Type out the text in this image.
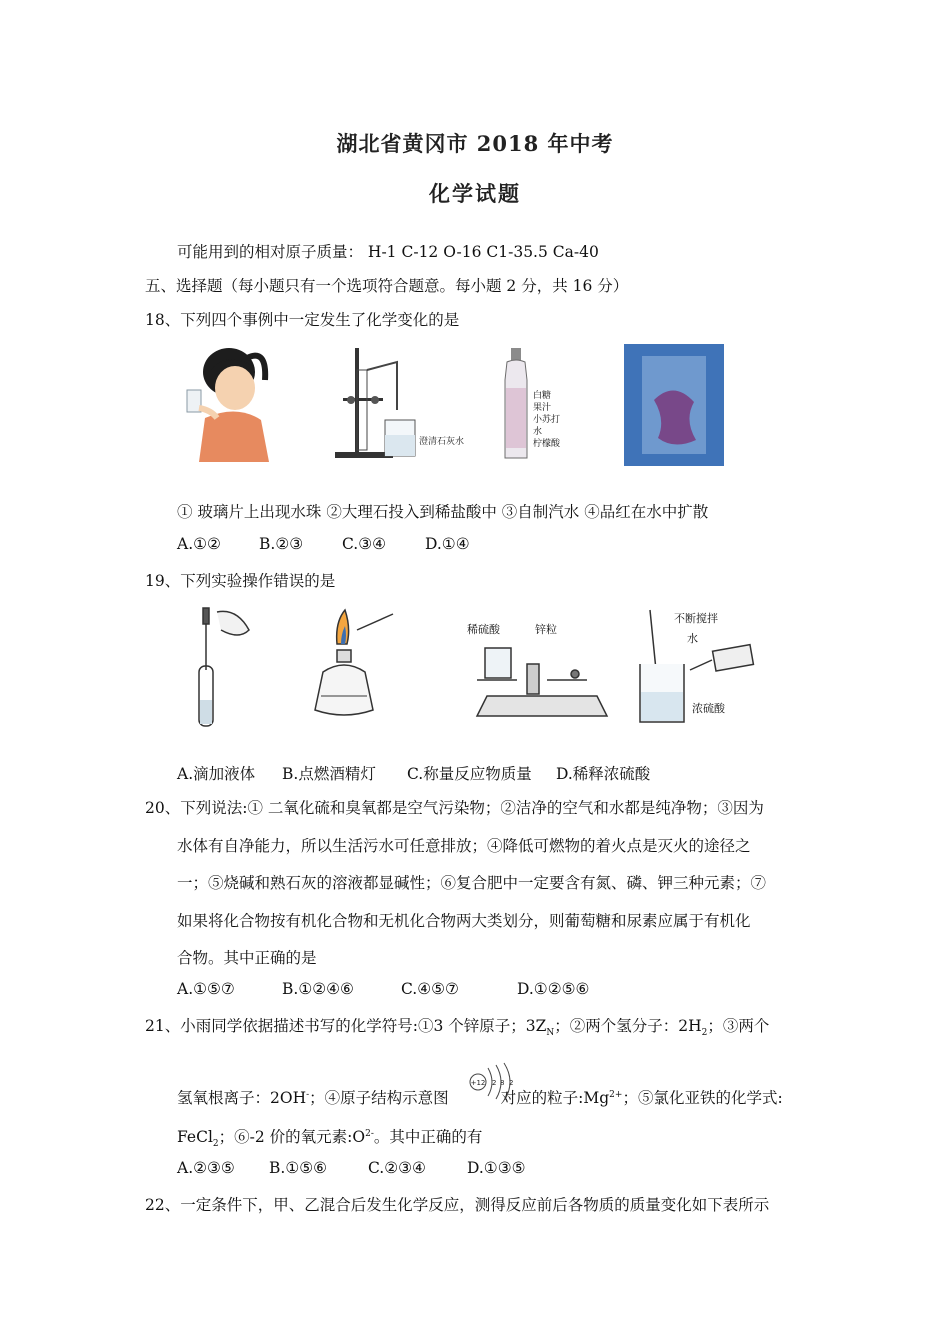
湖北省黄冈市 2018 年中考
化学试题
可能用到的相对原子质量： H-1 C-12 O-16 C1-35.5 Ca-40
五、选择题（每小题只有一个选项符合题意。每小题 2 分，共 16 分）
18、下列四个事例中一定发生了化学变化的是
澄清石灰水
白糖
果汁
小苏打
水
柠檬酸
① 玻璃片上出现水珠 ②大理石投入到稀盐酸中 ③自制汽水 ④品红在水中扩散
A.①② B.②③	C.③④	D.①④
19、下列实验操作错误的是
稀硫酸	锌粒
不断搅拌
水
浓硫酸
A.滴加液体 B.点燃酒精灯 C.称量反应物质量 D.稀释浓硫酸
20、下列说法:① 二氧化硫和臭氧都是空气污染物；②洁净的空气和水都是纯净物；③因为
水体有自净能力，所以生活污水可任意排放；④降低可燃物的着火点是灭火的途径之
一；⑤烧碱和熟石灰的溶液都显碱性；⑥复合肥中一定要含有氮、磷、钾三种元素；⑦
如果将化合物按有机化合物和无机化合物两大类划分，则葡萄糖和尿素应属于有机化
合物。其中正确的是
A.①⑤⑦	B.①②④⑥	C.④⑤⑦	D.①②⑤⑥
21、小雨同学依据描述书写的化学符号:①3 个锌原子；$3Z_N$；②两个氢分子：$2H_2$；③两个
氢氧根离子：2OH-；④原子结构示意图	对应的粒子$:Mg^{2+}$；⑤氯化亚铁的化学式:
+12 2 8 2
FeCl$_2$；⑥-2 价的氧元素$:O^{2-}$。其中正确的有
A.②③⑤ B.①⑤⑥	C.②③④	D.①③⑤
22、一定条件下，甲、乙混合后发生化学反应，测得反应前后各物质的质量变化如下表所示
